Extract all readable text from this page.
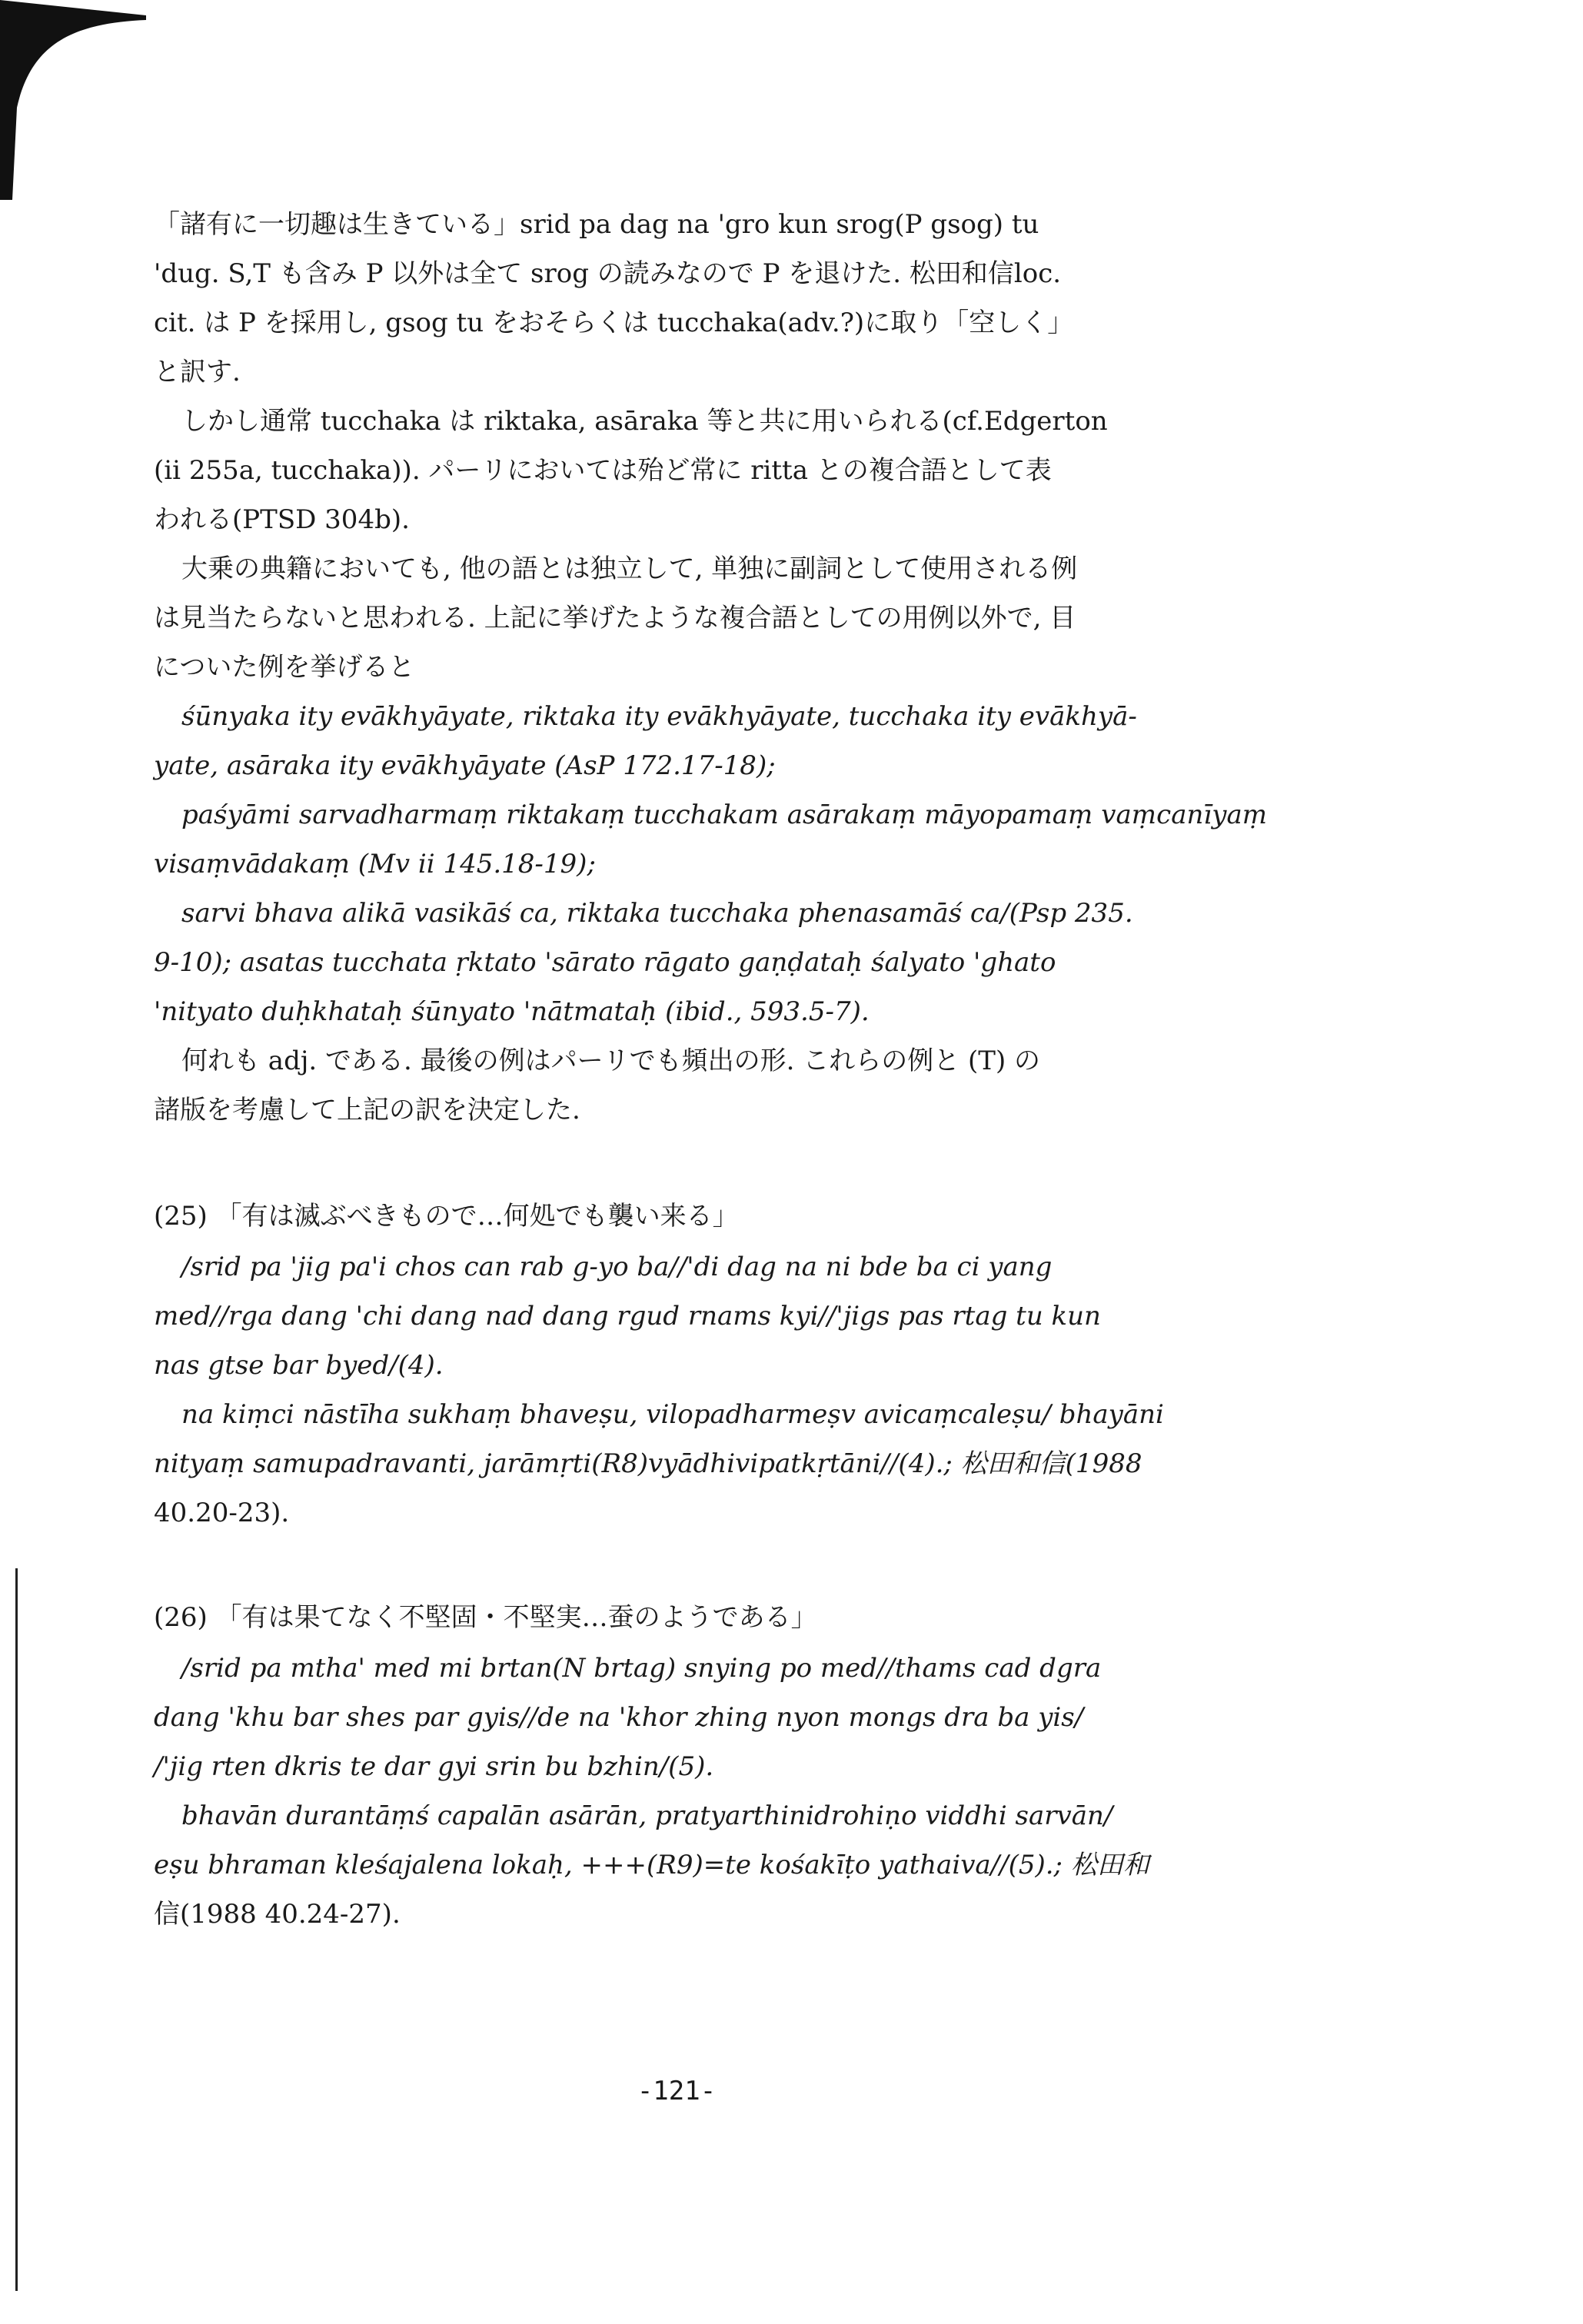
「諸有に一切趣は生きている」srid pa dag na 'gro kun srog(P gsog) tu
'dug. S,T も含み P 以外は全て srog の読みなので P を退けた. 松田和信loc.
cit. は P を採用し, gsog tu をおそらくは tucchaka(adv.?)に取り「空しく」
と訳す.
しかし通常 tucchaka は riktaka, asāraka 等と共に用いられる(cf.Edgerton
(ii 255a, tucchaka)). パーリにおいては殆ど常に ritta との複合語として表
われる(PTSD 304b).
大乗の典籍においても, 他の語とは独立して, 単独に副詞として使用される例
は見当たらないと思われる. 上記に挙げたような複合語としての用例以外で, 目
についた例を挙げると
śūnyaka ity evākhyāyate, riktaka ity evākhyāyate, tucchaka ity evākhyā-
yate, asāraka ity evākhyāyate (AsP 172.17-18);
paśyāmi sarvadharmaṃ riktakaṃ tucchakam asārakaṃ māyopamaṃ vaṃcanīyaṃ
visaṃvādakaṃ (Mv ii 145.18-19);
sarvi bhava alikā vasikāś ca, riktaka tucchaka phenasamāś ca/(Psp 235.
9-10); asatas tucchata ṛktato 'sārato rāgato gaṇḍataḥ śalyato 'ghato
'nityato duḥkhataḥ śūnyato 'nātmataḥ (ibid., 593.5-7).
何れも adj. である. 最後の例はパーリでも頻出の形. これらの例と (T) の
諸版を考慮して上記の訳を決定した.
(25) 「有は滅ぶべきもので…何処でも襲い来る」
/srid pa 'jig pa'i chos can rab g-yo ba//'di dag na ni bde ba ci yang
med//rga dang 'chi dang nad dang rgud rnams kyi//'jigs pas rtag tu kun
nas gtse bar byed/(4).
na kiṃci nāstīha sukhaṃ bhaveṣu, vilopadharmeṣv avicaṃcaleṣu/ bhayāni
nityaṃ samupadravanti, jarāmṛti(R8)vyādhivipatkṛtāni//(4).; 松田和信(1988
40.20-23).
(26) 「有は果てなく不堅固・不堅実…蚕のようである」
/srid pa mtha' med mi brtan(N brtag) snying po med//thams cad dgra
dang 'khu bar shes par gyis//de na 'khor zhing nyon mongs dra ba yis/
/'jig rten dkris te dar gyi srin bu bzhin/(5).
bhavān durantāṃś capalān asārān, pratyarthinidrohiṇo viddhi sarvān/
eṣu bhraman kleśajalena lokaḥ, +++(R9)=te kośakīṭo yathaiva//(5).; 松田和
信(1988 40.24-27).
-121-
